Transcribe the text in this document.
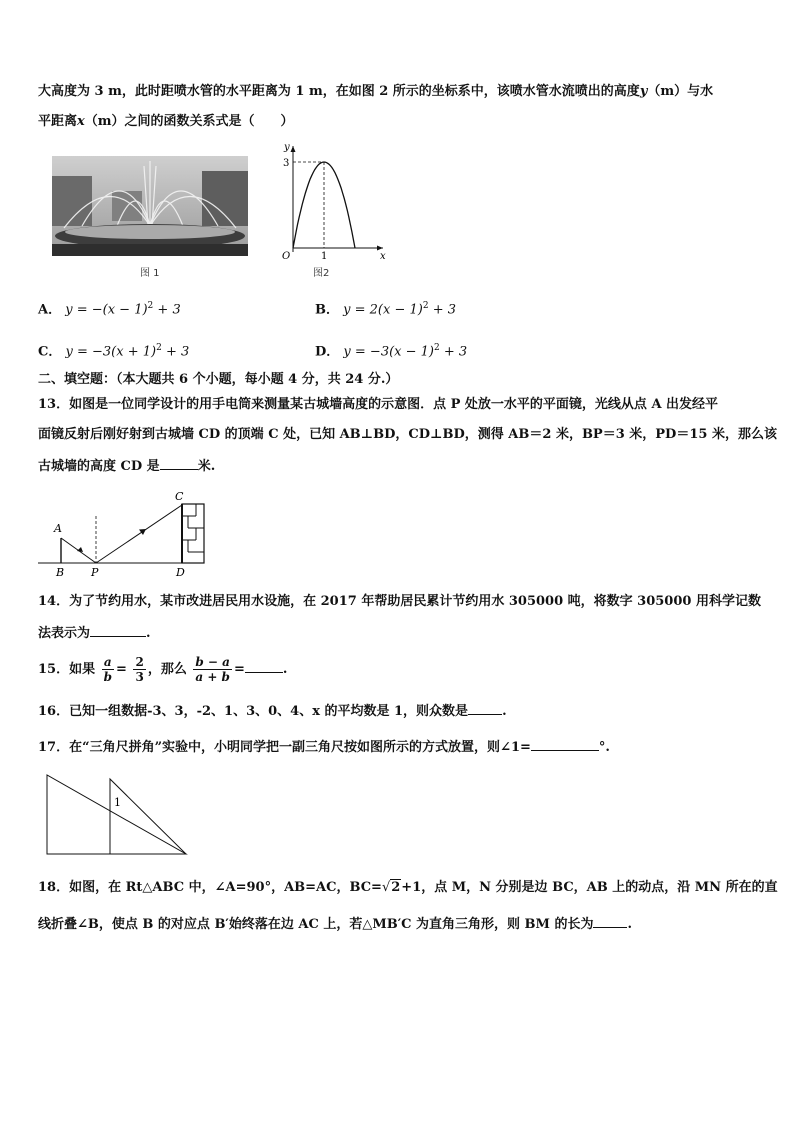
大高度为 3 m，此时距喷水管的水平距离为 1 m，在如图 2 所示的坐标系中，该喷水管水流喷出的高度y（m）与水
平距离x（m）之间的函数关系式是（　　）
图 1
y
x
O
3
1
图2
A． $y = -(x - 1)^2 + 3$	B． $y = 2(x - 1)^2 + 3$
C． $y = -3(x + 1)^2 + 3$	D． $y = -3(x - 1)^2 + 3$
二、填空题：（本大题共 6 个小题，每小题 4 分，共 24 分.）
13．如图是一位同学设计的用手电筒来测量某古城墙高度的示意图．点 P 处放一水平的平面镜，光线从点 A 出发经平
面镜反射后刚好射到古城墙 CD 的顶端 C 处，已知 AB⊥BD，CD⊥BD，测得 AB＝2 米，BP＝3 米，PD＝15 米，那么该
古城墙的高度 CD 是	米.
A
B P
C
D
14．为了节约用水，某市改进居民用水设施，在 2017 年帮助居民累计节约用水 305000 吨，将数字 305000 用科学记数
法表示为	.
15．如果 $\frac{a}{b} = \frac{2}{3}$ ，那么 $\frac{b - a}{a + b}$ =	.
16．已知一组数据-3、3，-2、1、3、0、4、x 的平均数是 1，则众数是	.
17．在“三角尺拼角”实验中，小明同学把一副三角尺按如图所示的方式放置，则∠1=	°.
1
18．如图，在 Rt△ABC 中，∠A=90°，AB=AC，BC=√2+1，点 M，N 分别是边 BC，AB 上的动点，沿 MN 所在的直
线折叠∠B，使点 B 的对应点 B′始终落在边 AC 上，若△MB′C 为直角三角形，则 BM 的长为	.
